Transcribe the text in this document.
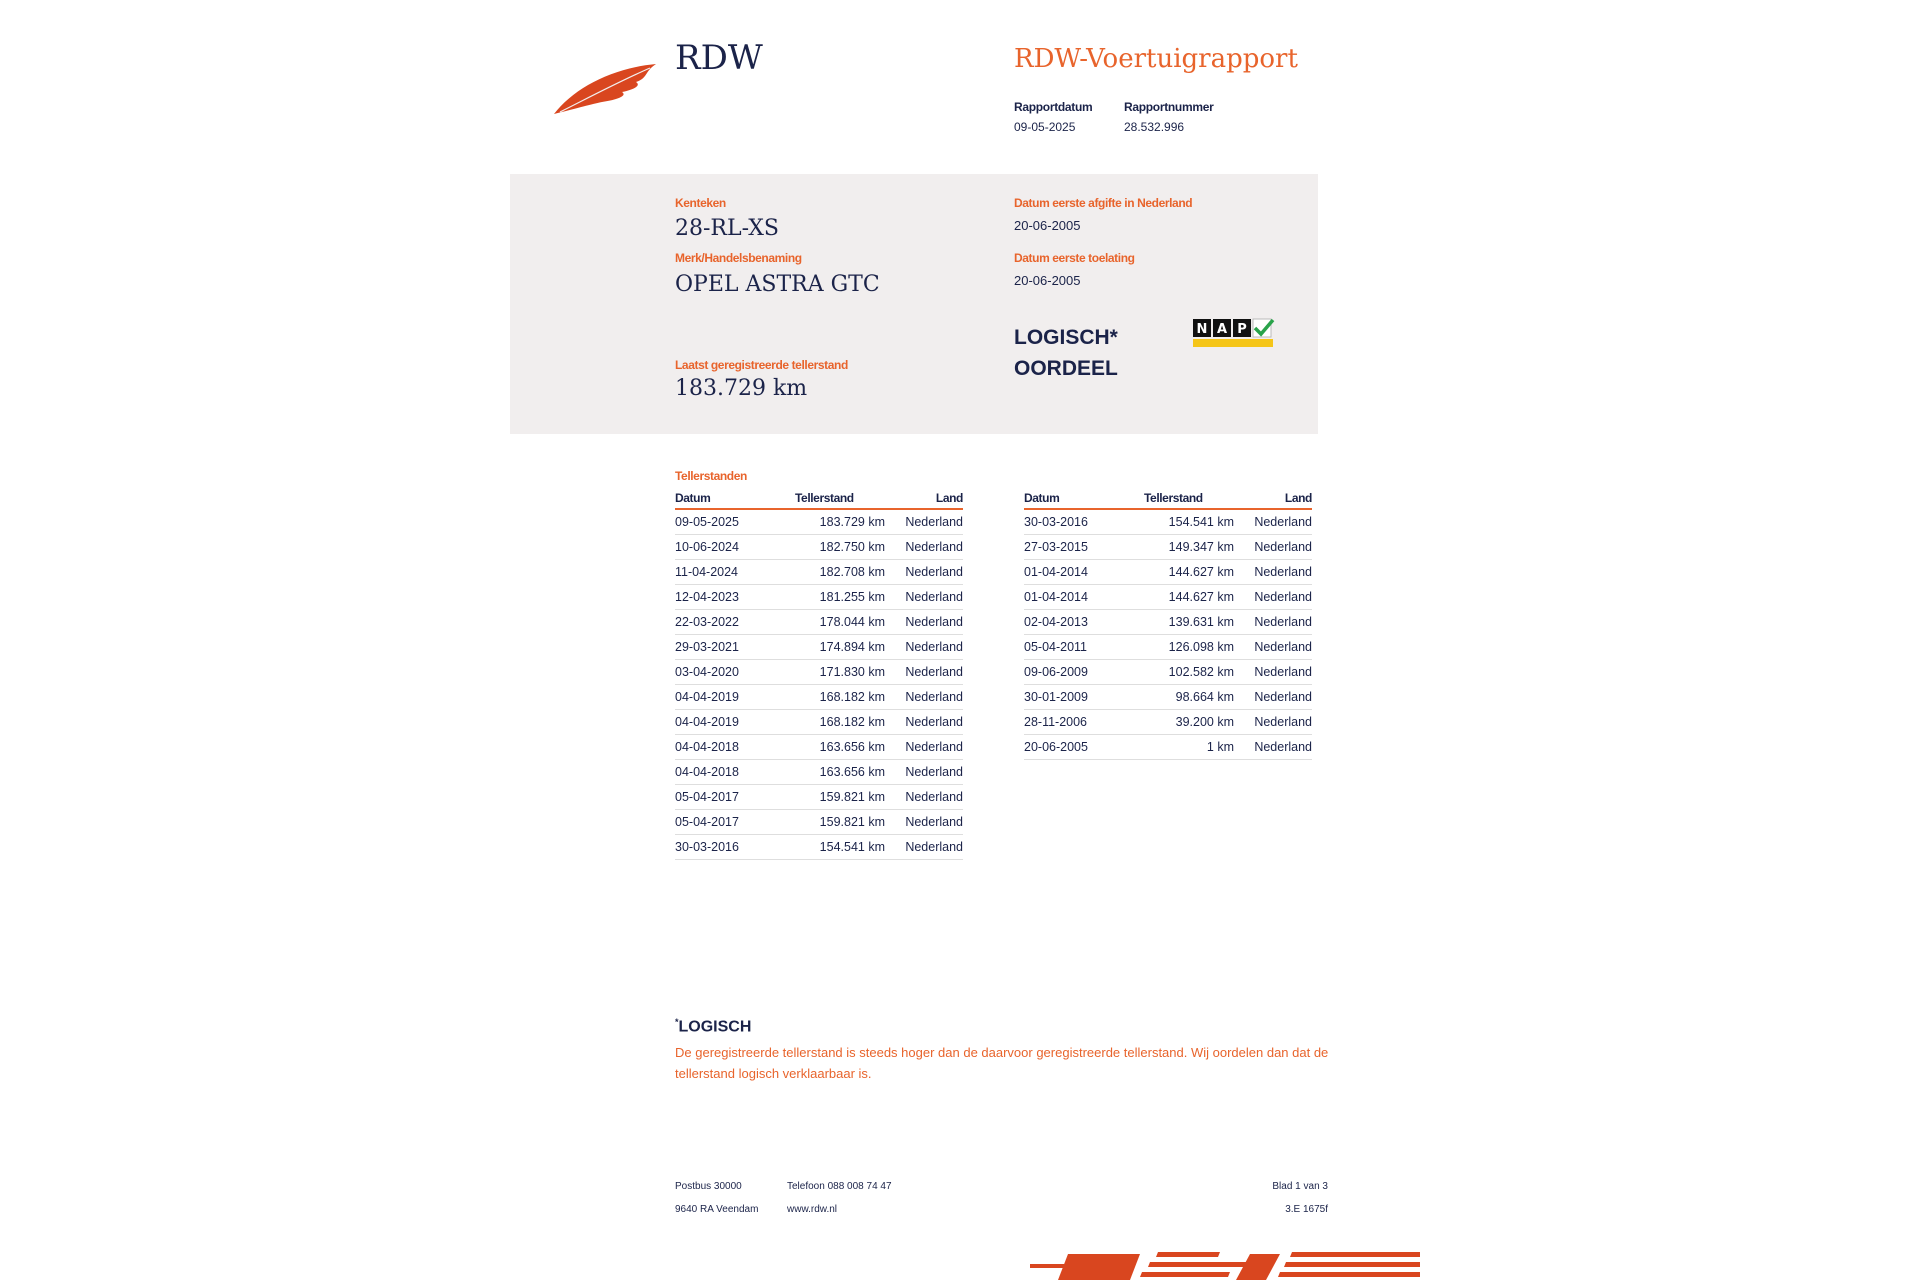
RDW	RDW-Voertuigrapport
Rapportdatum
09-05-2025
Rapportnummer
28.532.996
Kenteken
28-RL-XS
Merk/Handelsbenaming
OPEL ASTRA GTC
Laatst geregistreerde tellerstand
183.729 km
Datum eerste afgifte in Nederland
20-06-2005
Datum eerste toelating
20-06-2005
LOGISCH*
OORDEEL
N A P
Tellerstanden
Datum	Tellerstand	Land
09-05-2025	183.729 km	Nederland
10-06-2024	182.750 km	Nederland
11-04-2024	182.708 km	Nederland
12-04-2023	181.255 km	Nederland
22-03-2022	178.044 km	Nederland
29-03-2021	174.894 km	Nederland
03-04-2020	171.830 km	Nederland
04-04-2019	168.182 km	Nederland
04-04-2019	168.182 km	Nederland
04-04-2018	163.656 km	Nederland
04-04-2018	163.656 km	Nederland
05-04-2017	159.821 km	Nederland
05-04-2017	159.821 km	Nederland
30-03-2016	154.541 km	Nederland
Datum	Tellerstand	Land
30-03-2016	154.541 km	Nederland
27-03-2015	149.347 km	Nederland
01-04-2014	144.627 km	Nederland
01-04-2014	144.627 km	Nederland
02-04-2013	139.631 km	Nederland
05-04-2011	126.098 km	Nederland
09-06-2009	102.582 km	Nederland
30-01-2009	98.664 km	Nederland
28-11-2006	39.200 km	Nederland
20-06-2005	1 km	Nederland
*LOGISCH
De geregistreerde tellerstand is steeds hoger dan de daarvoor geregistreerde tellerstand. Wij oordelen dan dat de tellerstand logisch verklaarbaar is.
Postbus 30000
9640 RA Veendam
Telefoon 088 008 74 47
www.rdw.nl
Blad 1 van 3
3.E 1675f
